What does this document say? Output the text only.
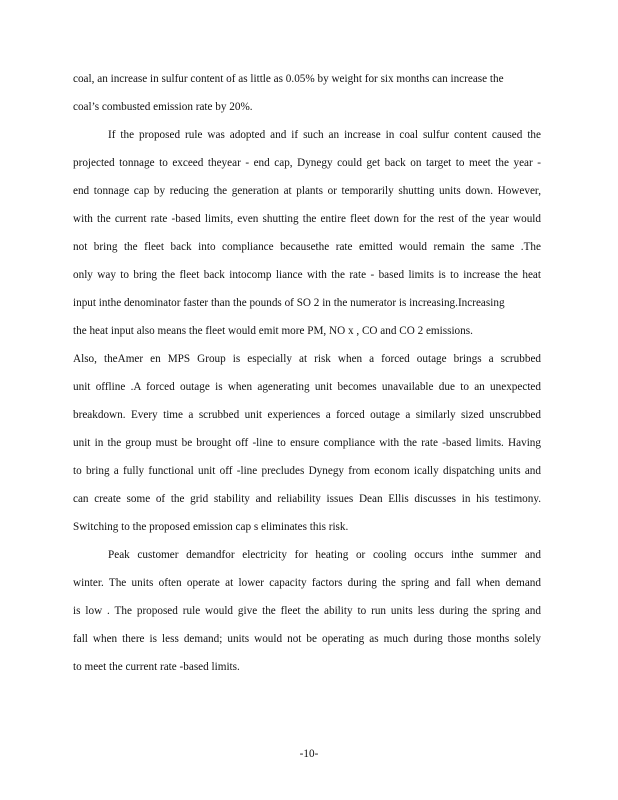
coal, an increase in sulfur content of as little as 0.05% by weight for six months can increase the
coal’s combusted emission rate by 20%.
If the proposed rule was adopted and if such an increase in coal sulfur content caused the
projected tonnage to exceed theyear - end cap, Dynegy could get back on target to meet the year -
end tonnage cap by reducing the generation at plants or temporarily shutting units down. However,
with the current rate -based limits, even shutting the entire fleet down for the rest of the year would
not bring the fleet back into compliance becausethe rate emitted would remain the same .The
only way to bring the fleet back intocomp liance with the rate - based limits is to increase the heat
input inthe denominator faster than the pounds of SO 2 in the numerator is increasing.Increasing
the heat input also means the fleet would emit more PM, NO x , CO and CO 2 emissions.
Also, theAmer en MPS Group is especially at risk when a forced outage brings a scrubbed
unit offline .A forced outage is when agenerating unit becomes unavailable due to an unexpected
breakdown. Every time a scrubbed unit experiences a forced outage a similarly sized unscrubbed
unit in the group must be brought off -line to ensure compliance with the rate -based limits. Having
to bring a fully functional unit off -line precludes Dynegy from econom ically dispatching units and
can create some of the grid stability and reliability issues Dean Ellis discusses in his testimony.
Switching to the proposed emission cap s eliminates this risk.
Peak customer demandfor electricity for heating or cooling occurs inthe summer and
winter. The units often operate at lower capacity factors during the spring and fall when demand
is low . The proposed rule would give the fleet the ability to run units less during the spring and
fall when there is less demand; units would not be operating as much during those months solely
to meet the current rate -based limits.
-10-
